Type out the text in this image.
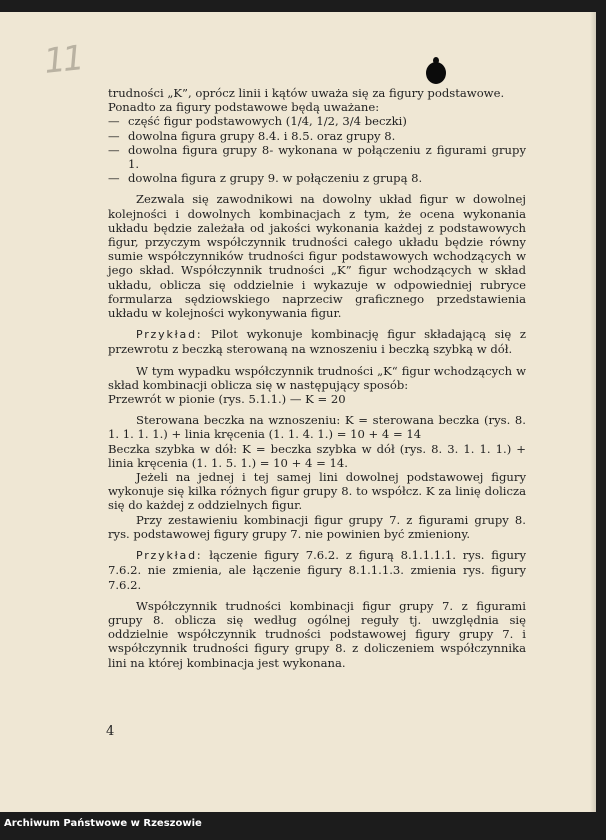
11

trudności „K”, oprócz linii i kątów uważa się za figury podstawowe.

Ponadto za figury podstawowe będą uważane:

— część figur podstawowych (1/4, 1/2, 3/4 beczki)
— dowolna figura grupy 8.4. i 8.5. oraz grupy 8.
— dowolna figura grupy 8- wykonana w połączeniu z figurami grupy 1.
— dowolna figura z grupy 9. w połączeniu z grupą 8.

Zezwala się zawodnikowi na dowolny układ figur w dowolnej kolejności i dowolnych kombinacjach z tym, że ocena wykonania układu będzie zależała od jakości wykonania każdej z podstawowych figur, przyczym współczynnik trudności całego układu będzie równy sumie współczynników trudności figur podstawowych wchodzących w jego skład. Współczynnik trudności „K” figur wchodzących w skład układu, oblicza się oddzielnie i wykazuje w odpowiedniej rubryce formularza sędziowskiego naprzeciw graficznego przedstawienia układu w kolejności wykonywania figur.

Przykład: Pilot wykonuje kombinację figur składającą się z przewrotu z beczką sterowaną na wznoszeniu i beczką szybką w dół.

W tym wypadku współczynnik trudności „K“ figur wchodzących w skład kombinacji oblicza się w następujący sposób:

Przewrót w pionie (rys. 5.1.1.) — K = 20

Sterowana beczka na wznoszeniu: K = sterowana beczka (rys. 8. 1. 1. 1. 1.) + linia kręcenia (1. 1. 4. 1.) = 10 + 4 = 14

Beczka szybka w dół: K = beczka szybka w dół (rys. 8. 3. 1. 1. 1.) + linia kręcenia (1. 1. 5. 1.) = 10 + 4 = 14.

Jeżeli na jednej i tej samej lini dowolnej podstawowej figury wykonuje się kilka różnych figur grupy 8. to współcz. K za linię dolicza się do każdej z oddzielnych figur.

Przy zestawieniu kombinacji figur grupy 7. z figurami grupy 8. rys. podstawowej figury grupy 7. nie powinien być zmieniony.

Przykład: łączenie figury 7.6.2. z figurą 8.1.1.1.1. rys. figury 7.6.2. nie zmienia, ale łączenie figury 8.1.1.1.3. zmienia rys. figury 7.6.2.

Współczynnik trudności kombinacji figur grupy 7. z figurami grupy 8. oblicza się według ogólnej reguły tj. uwzględnia się oddzielnie współczynnik trudności podstawowej figury grupy 7. i współczynnik trudności figury grupy 8. z doliczeniem współczynnika lini na której kombinacja jest wykonana.

4
Archiwum Państwowe w Rzeszowie
